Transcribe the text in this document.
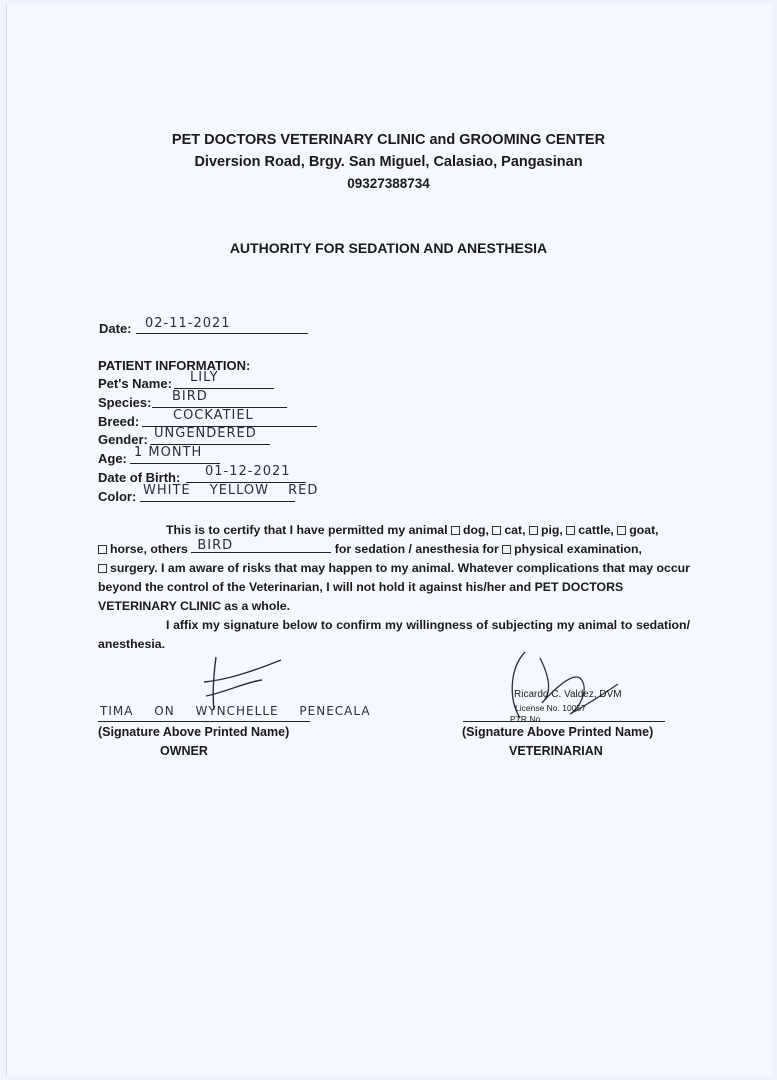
PET DOCTORS VETERINARY CLINIC and GROOMING CENTER
Diversion Road, Brgy. San Miguel, Calasiao, Pangasinan
09327388734
AUTHORITY FOR SEDATION AND ANESTHESIA
Date: 02-11-2021
PATIENT INFORMATION:
Pet's Name: LILY
Species: BIRD
Breed:	COCKATIEL
Gender: UNGENDERED
Age: 1 MONTH
Date of Birth: 01-12-2021
Color: WHITE YELLOW RED
This is to certify that I have permitted my animal dog, cat, pig, cattle, goat,
horse, others BIRD	for sedation / anesthesia for physical examination,
surgery. I am aware of risks that may happen to my animal. Whatever complications that may occur beyond the control of the Veterinarian, I will not hold it against his/her and PET DOCTORS VETERINARY CLINIC as a whole.
I affix my signature below to confirm my willingness of subjecting my animal to sedation/ anesthesia.
TIMA ON WYNCHELLE PENECALA
(Signature Above Printed Name)
OWNER
Ricardo C. Valdez, DVM
License No. 10057
PTR No.
(Signature Above Printed Name)
VETERINARIAN
